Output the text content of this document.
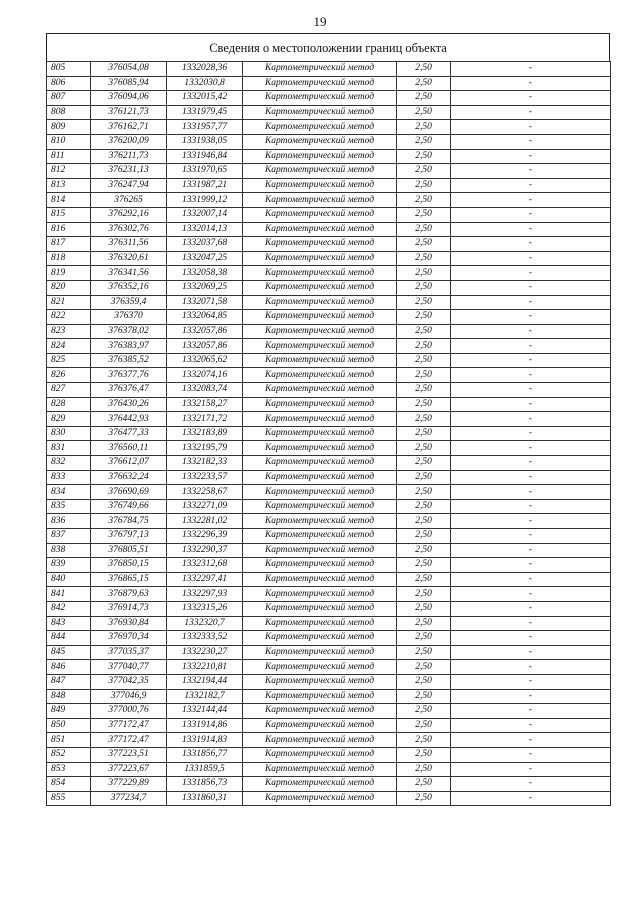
19
Сведения о местоположении границ объекта
805	376054,08	1332028,36	Картометрический метод	2,50	-
806	376085,94	1332030,8	Картометрический метод	2,50	-
807	376094,06	1332015,42	Картометрический метод	2,50	-
808	376121,73	1331979,45	Картометрический метод	2,50	-
809	376162,71	1331957,77	Картометрический метод	2,50	-
810	376200,09	1331938,05	Картометрический метод	2,50	-
811	376211,73	1331946,84	Картометрический метод	2,50	-
812	376231,13	1331970,65	Картометрический метод	2,50	-
813	376247,94	1331987,21	Картометрический метод	2,50	-
814	376265	1331999,12	Картометрический метод	2,50	-
815	376292,16	1332007,14	Картометрический метод	2,50	-
816	376302,76	1332014,13	Картометрический метод	2,50	-
817	376311,56	1332037,68	Картометрический метод	2,50	-
818	376320,61	1332047,25	Картометрический метод	2,50	-
819	376341,56	1332058,38	Картометрический метод	2,50	-
820	376352,16	1332069,25	Картометрический метод	2,50	-
821	376359,4	1332071,58	Картометрический метод	2,50	-
822	376370	1332064,85	Картометрический метод	2,50	-
823	376378,02	1332057,86	Картометрический метод	2,50	-
824	376383,97	1332057,86	Картометрический метод	2,50	-
825	376385,52	1332065,62	Картометрический метод	2,50	-
826	376377,76	1332074,16	Картометрический метод	2,50	-
827	376376,47	1332083,74	Картометрический метод	2,50	-
828	376430,26	1332158,27	Картометрический метод	2,50	-
829	376442,93	1332171,72	Картометрический метод	2,50	-
830	376477,33	1332183,89	Картометрический метод	2,50	-
831	376560,11	1332195,79	Картометрический метод	2,50	-
832	376612,07	1332182,33	Картометрический метод	2,50	-
833	376632,24	1332233,57	Картометрический метод	2,50	-
834	376690,69	1332258,67	Картометрический метод	2,50	-
835	376749,66	1332271,09	Картометрический метод	2,50	-
836	376784,75	1332281,02	Картометрический метод	2,50	-
837	376797,13	1332296,39	Картометрический метод	2,50	-
838	376805,51	1332290,37	Картометрический метод	2,50	-
839	376850,15	1332312,68	Картометрический метод	2,50	-
840	376865,15	1332297,41	Картометрический метод	2,50	-
841	376879,63	1332297,93	Картометрический метод	2,50	-
842	376914,73	1332315,26	Картометрический метод	2,50	-
843	376930,84	1332320,7	Картометрический метод	2,50	-
844	376970,34	1332333,52	Картометрический метод	2,50	-
845	377035,37	1332230,27	Картометрический метод	2,50	-
846	377040,77	1332210,81	Картометрический метод	2,50	-
847	377042,35	1332194,44	Картометрический метод	2,50	-
848	377046,9	1332182,7	Картометрический метод	2,50	-
849	377000,76	1332144,44	Картометрический метод	2,50	-
850	377172,47	1331914,86	Картометрический метод	2,50	-
851	377172,47	1331914,83	Картометрический метод	2,50	-
852	377223,51	1331856,77	Картометрический метод	2,50	-
853	377223,67	1331859,5	Картометрический метод	2,50	-
854	377229,89	1331856,73	Картометрический метод	2,50	-
855	377234,7	1331860,31	Картометрический метод	2,50	-
